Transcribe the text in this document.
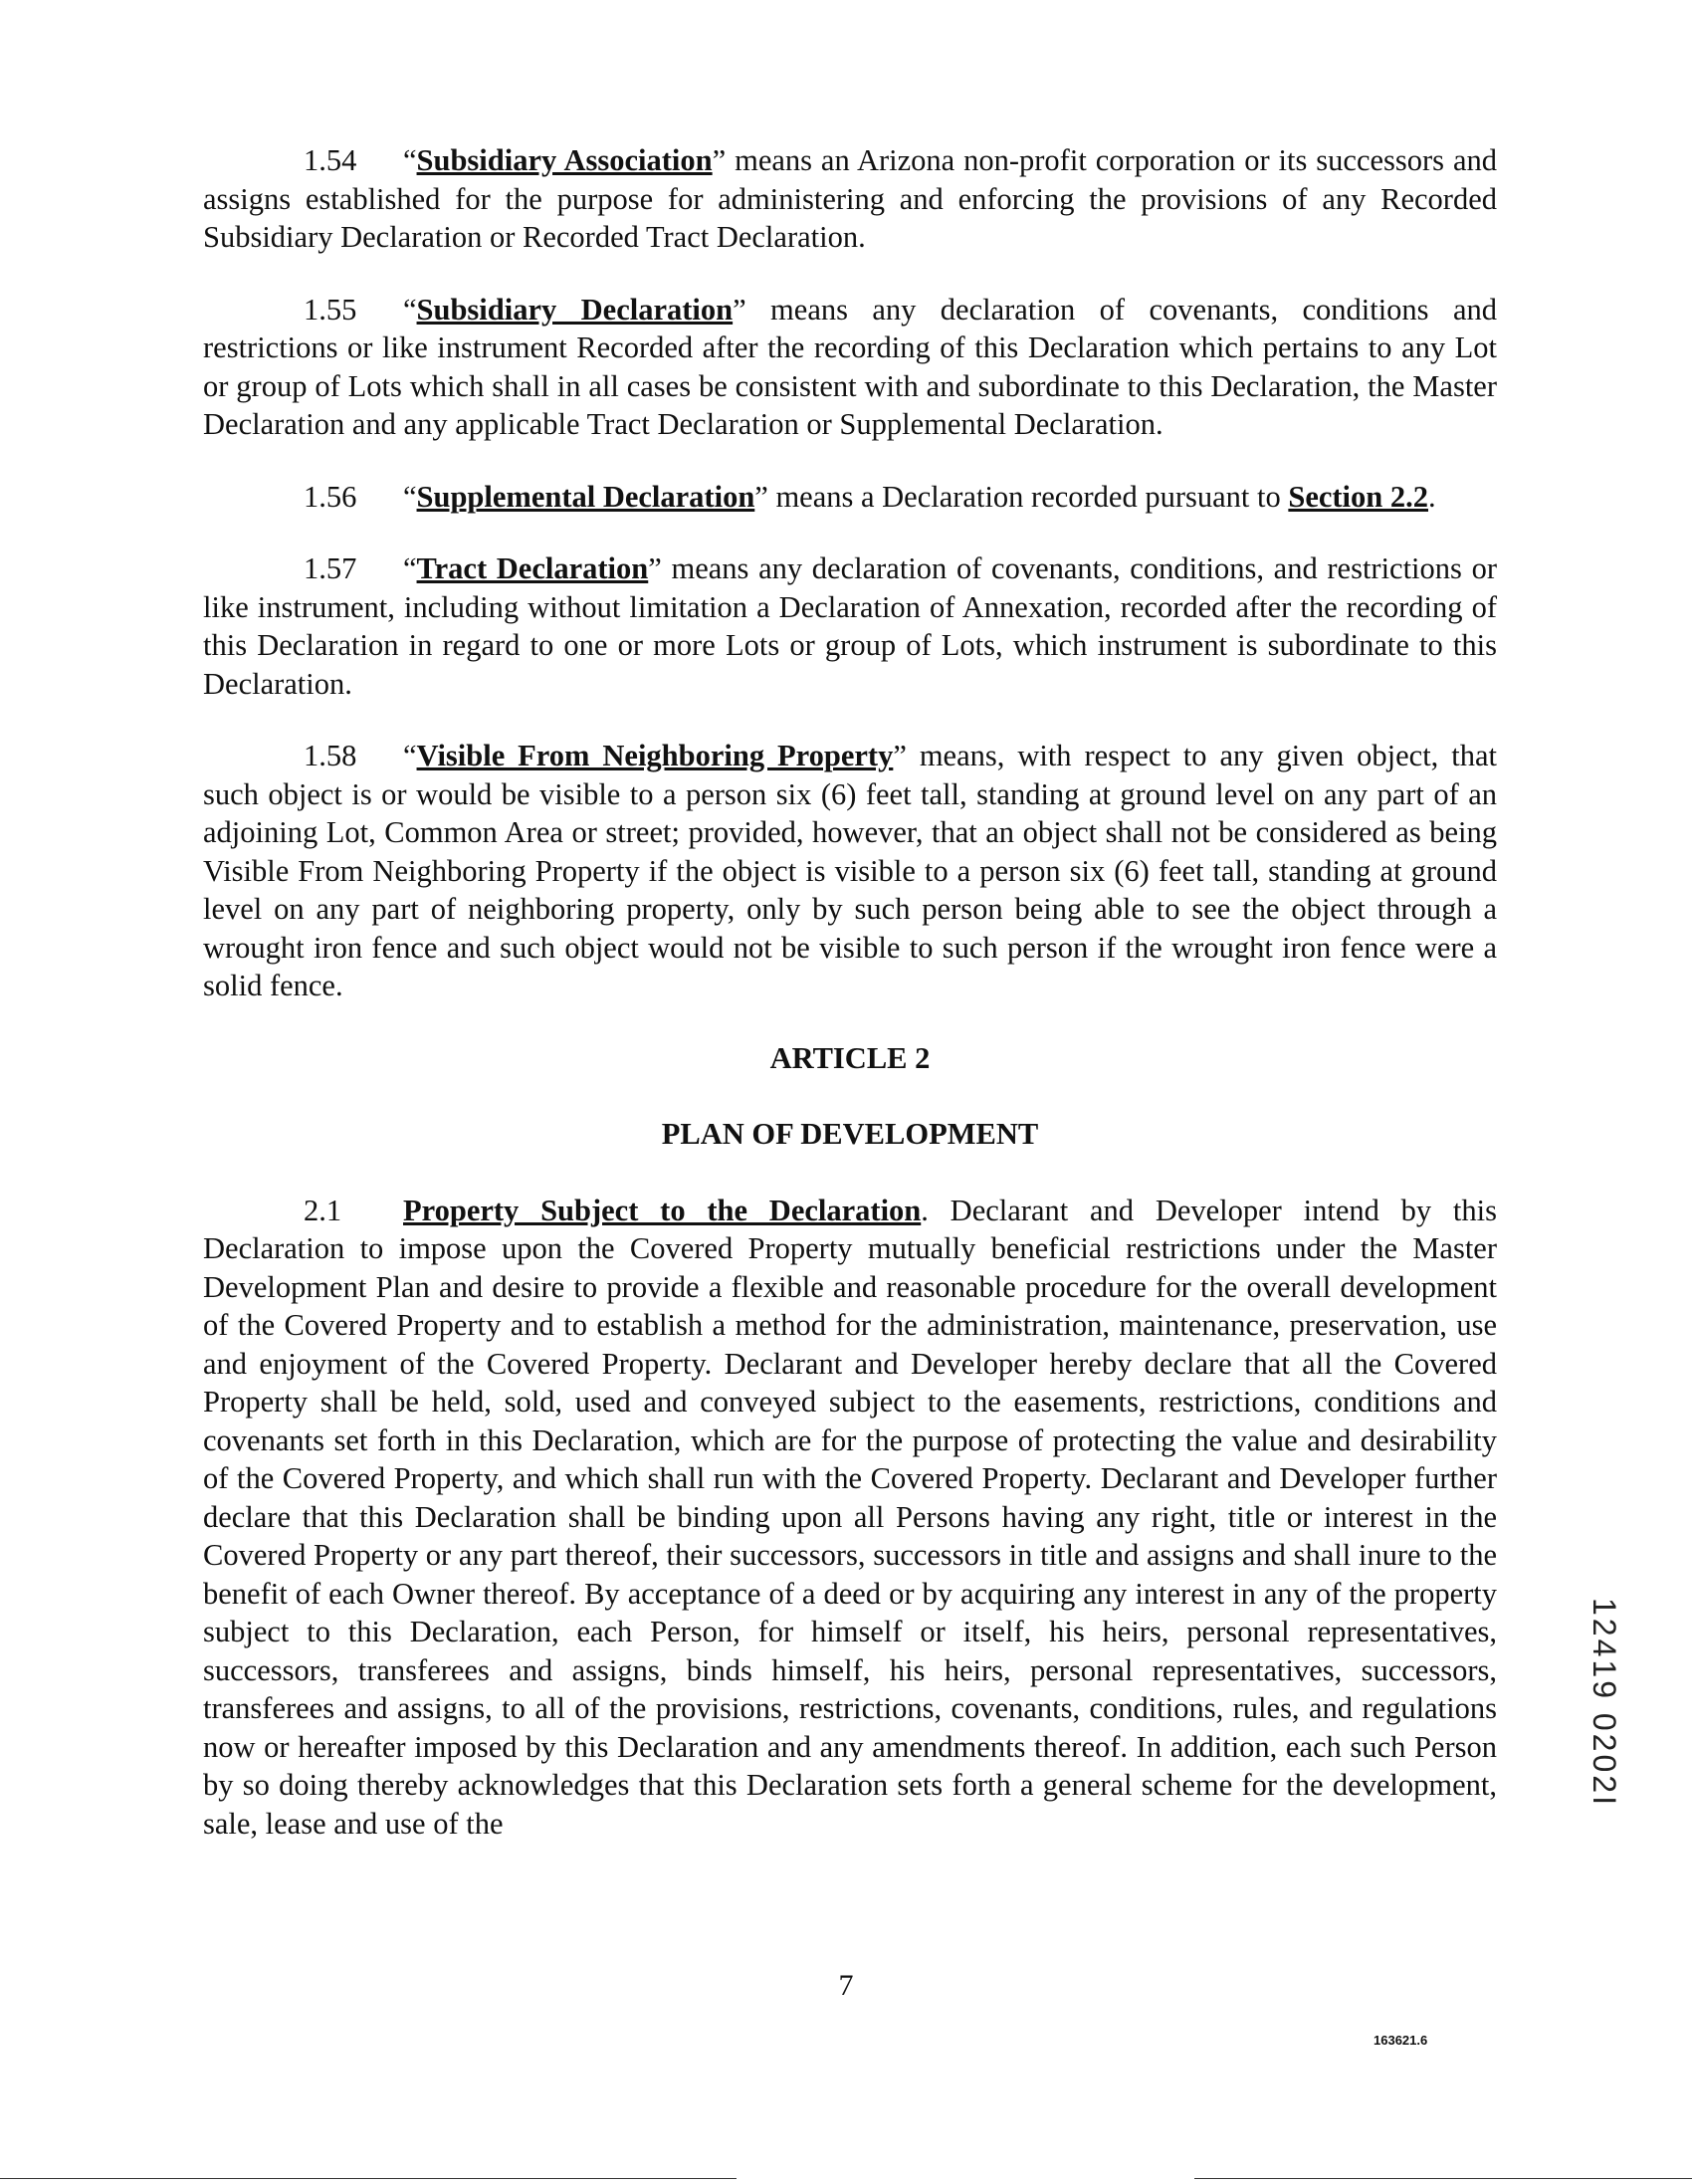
1.54 “Subsidiary Association” means an Arizona non-profit corporation or its successors and assigns established for the purpose for administering and enforcing the provisions of any Recorded Subsidiary Declaration or Recorded Tract Declaration.

1.55 “Subsidiary Declaration” means any declaration of covenants, conditions and restrictions or like instrument Recorded after the recording of this Declaration which pertains to any Lot or group of Lots which shall in all cases be consistent with and subordinate to this Declaration, the Master Declaration and any applicable Tract Declaration or Supplemental Declaration.

1.56 “Supplemental Declaration” means a Declaration recorded pursuant to Section 2.2.

1.57 “Tract Declaration” means any declaration of covenants, conditions, and restrictions or like instrument, including without limitation a Declaration of Annexation, recorded after the recording of this Declaration in regard to one or more Lots or group of Lots, which instrument is subordinate to this Declaration.

1.58 “Visible From Neighboring Property” means, with respect to any given object, that such object is or would be visible to a person six (6) feet tall, standing at ground level on any part of an adjoining Lot, Common Area or street; provided, however, that an object shall not be considered as being Visible From Neighboring Property if the object is visible to a person six (6) feet tall, standing at ground level on any part of neighboring property, only by such person being able to see the object through a wrought iron fence and such object would not be visible to such person if the wrought iron fence were a solid fence.

ARTICLE 2
PLAN OF DEVELOPMENT

2.1 Property Subject to the Declaration. Declarant and Developer intend by this Declaration to impose upon the Covered Property mutually beneficial restrictions under the Master Development Plan and desire to provide a flexible and reasonable procedure for the overall development of the Covered Property and to establish a method for the administration, maintenance, preservation, use and enjoyment of the Covered Property. Declarant and Developer hereby declare that all the Covered Property shall be held, sold, used and conveyed subject to the easements, restrictions, conditions and covenants set forth in this Declaration, which are for the purpose of protecting the value and desirability of the Covered Property, and which shall run with the Covered Property. Declarant and Developer further declare that this Declaration shall be binding upon all Persons having any right, title or interest in the Covered Property or any part thereof, their successors, successors in title and assigns and shall inure to the benefit of each Owner thereof. By acceptance of a deed or by acquiring any interest in any of the property subject to this Declaration, each Person, for himself or itself, his heirs, personal representatives, successors, transferees and assigns, binds himself, his heirs, personal representatives, successors, transferees and assigns, to all of the provisions, restrictions, covenants, conditions, rules, and regulations now or hereafter imposed by this Declaration and any amendments thereof. In addition, each such Person by so doing thereby acknowledges that this Declaration sets forth a general scheme for the development, sale, lease and use of the

7
163621.6
12419 0202I
